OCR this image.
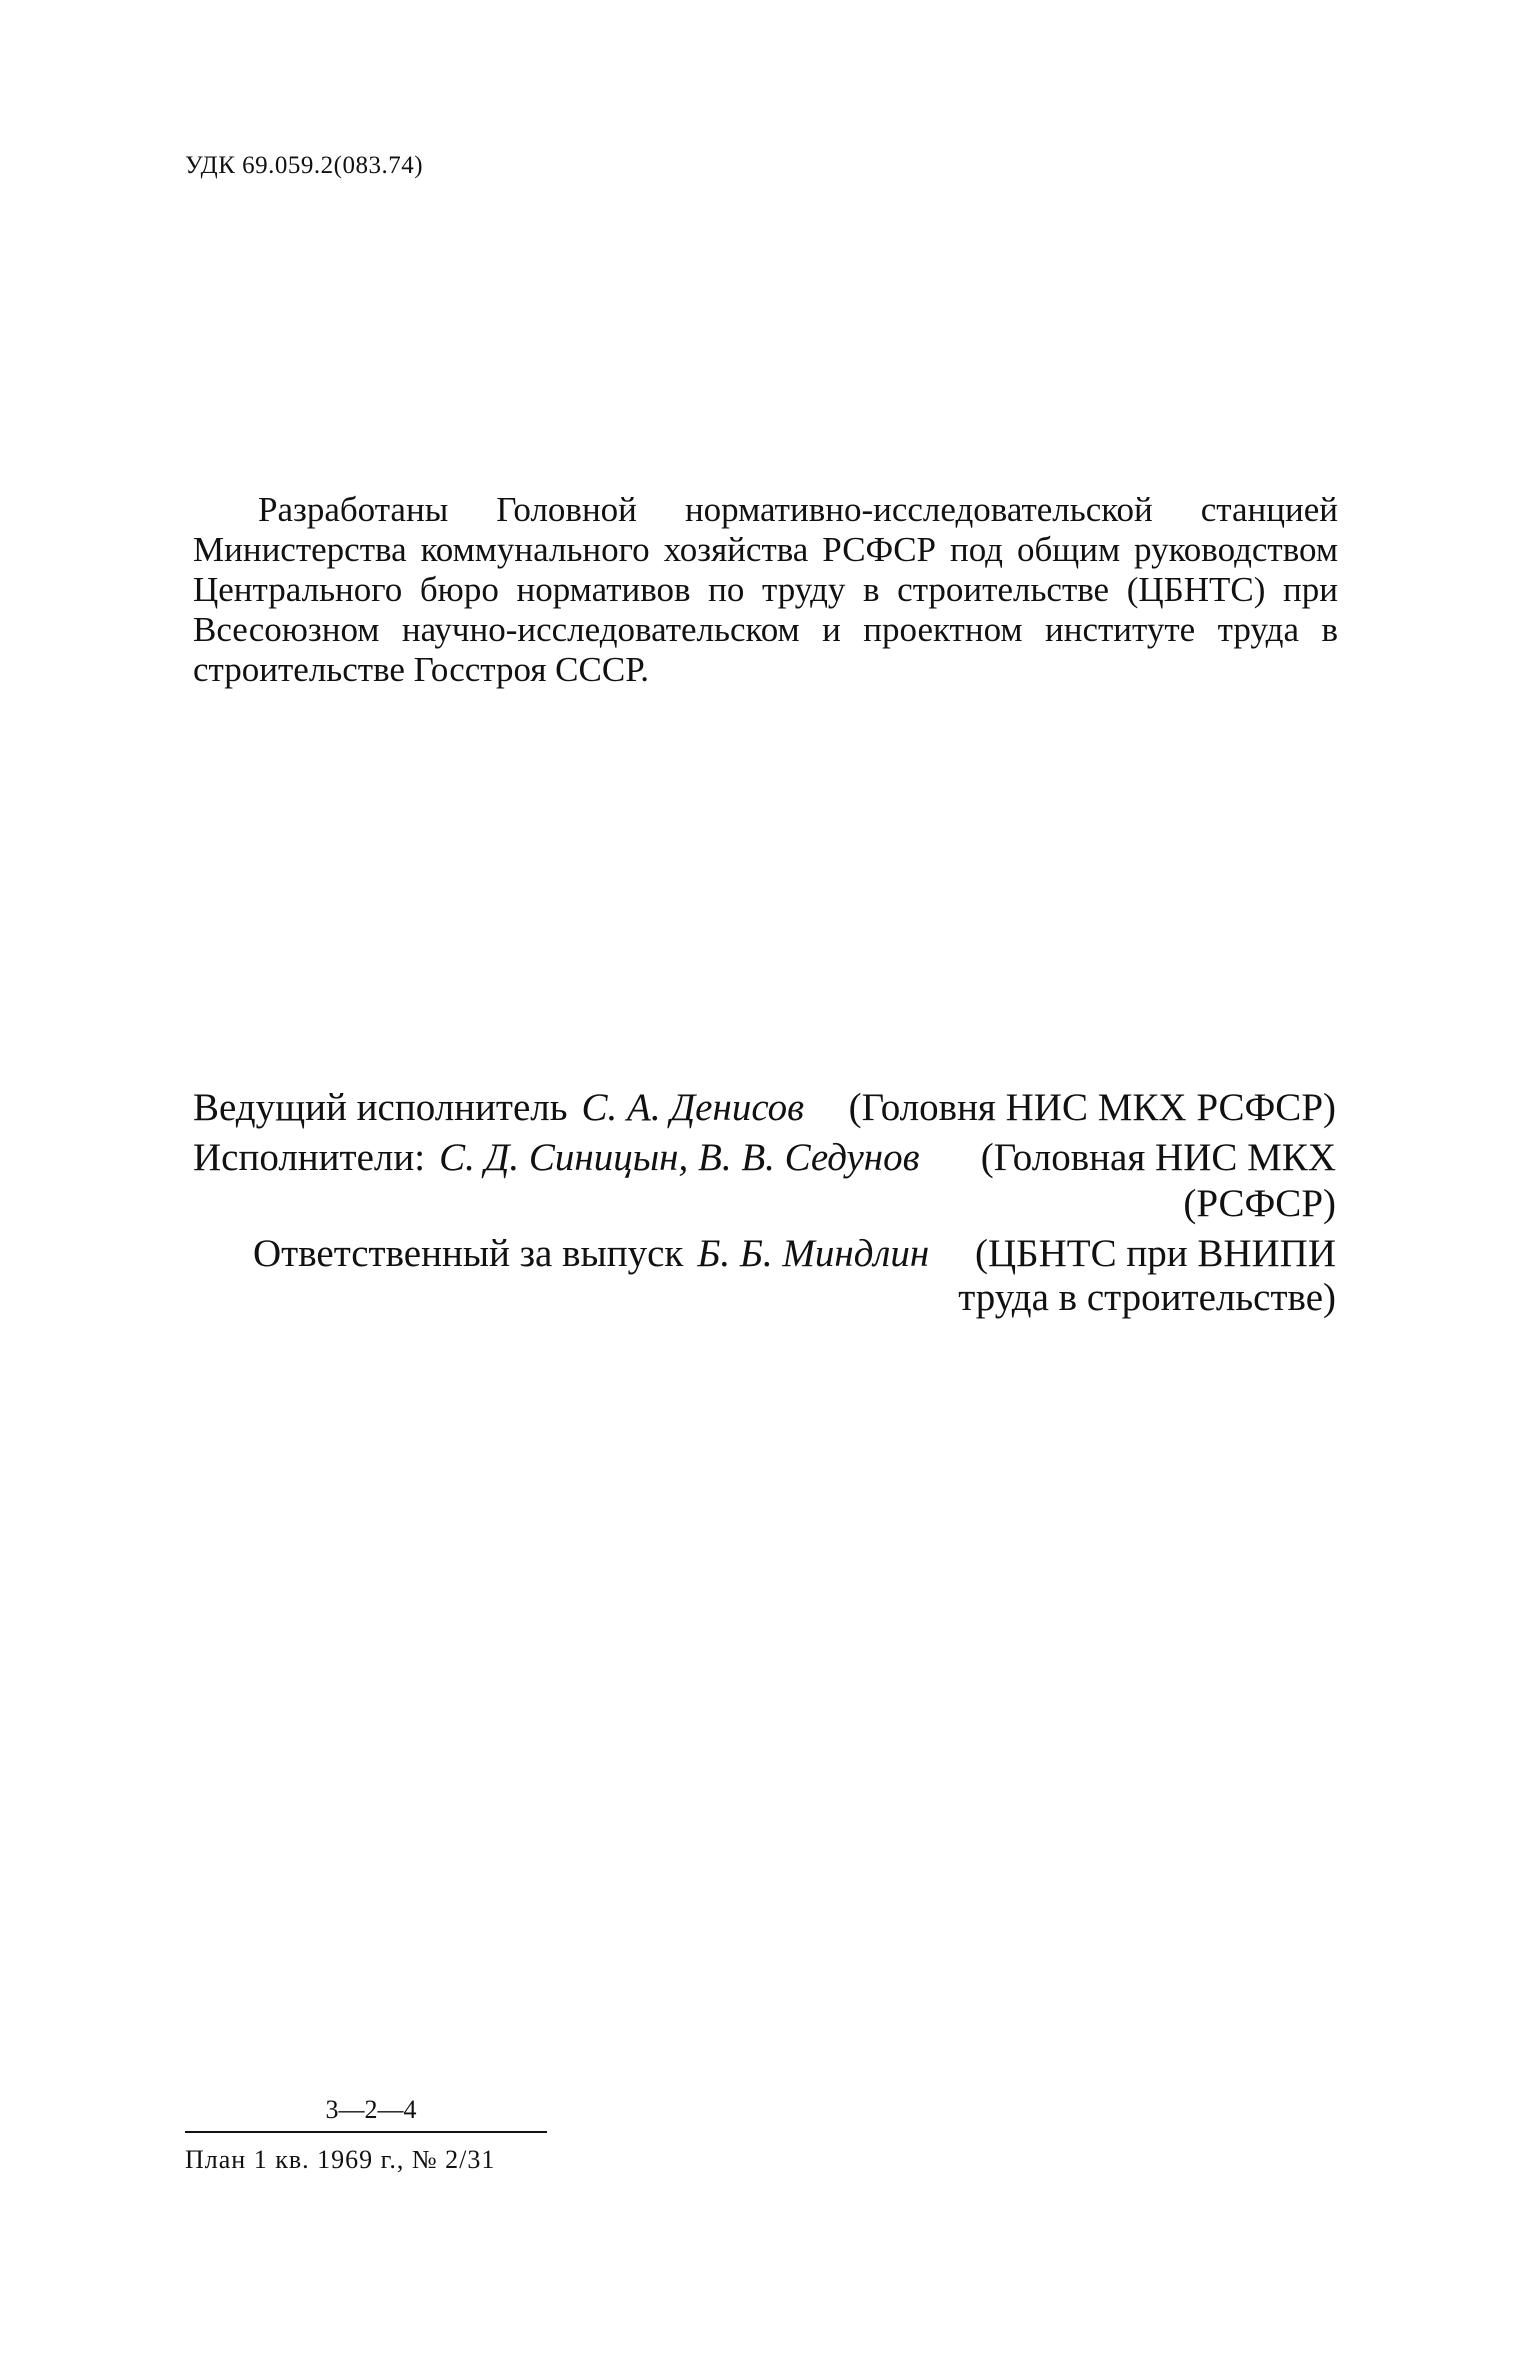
УДК 69.059.2(083.74)

Разработаны Головной нормативно-исследовательской станцией Министерства коммунального хозяйства РСФСР под общим руководством Центрального бюро нормативов по труду в строительстве (ЦБНТС) при Всесоюзном научно-исследовательском и проектном институте труда в строительстве Госстроя СССР.

Ведущий исполнитель С. А. Денисов	(Головня НИС МКХ РСФСР)
Исполнители: С. Д. Синицын, В. В. Седунов	(Головная НИС МКХ
(РСФСР)
Ответственный за выпуск Б. Б. Миндлин	(ЦБНТС при ВНИПИ
труда в строительстве)
3—2—4
План 1 кв. 1969 г., № 2/31
